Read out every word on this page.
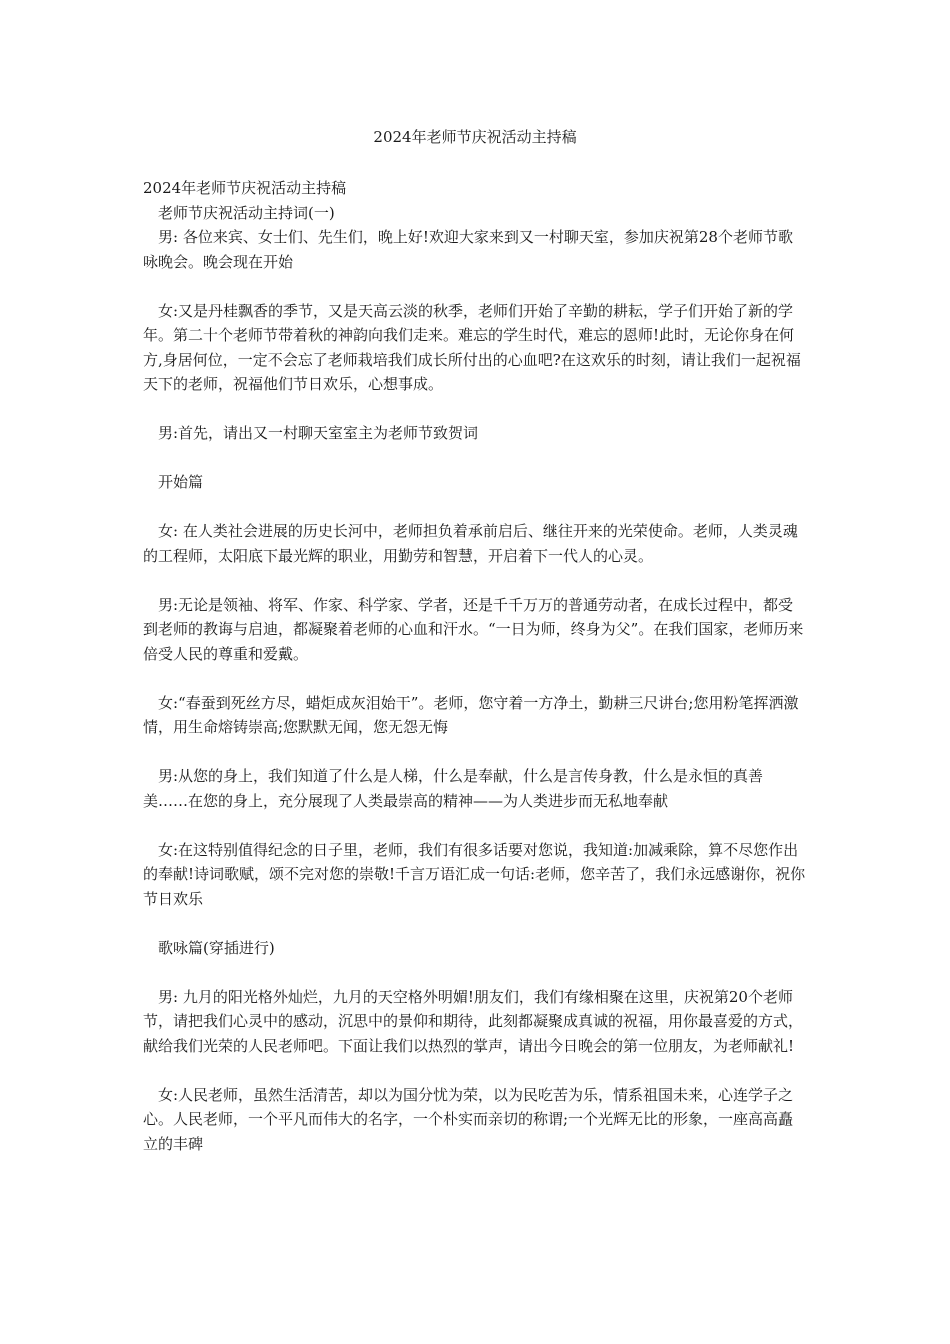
2024年老师节庆祝活动主持稿

2024年老师节庆祝活动主持稿

老师节庆祝活动主持词(一)

男: 各位来宾、女士们、先生们，晚上好!欢迎大家来到又一村聊天室，参加庆祝第28个老师节歌咏晚会。晚会现在开始

女:又是丹桂飘香的季节，又是天高云淡的秋季，老师们开始了辛勤的耕耘，学子们开始了新的学年。第二十个老师节带着秋的神韵向我们走来。难忘的学生时代，难忘的恩师!此时，无论你身在何方,身居何位，一定不会忘了老师栽培我们成长所付出的心血吧?在这欢乐的时刻，请让我们一起祝福天下的老师，祝福他们节日欢乐，心想事成。

男:首先，请出又一村聊天室室主为老师节致贺词

开始篇

女: 在人类社会进展的历史长河中，老师担负着承前启后、继往开来的光荣使命。老师，人类灵魂的工程师，太阳底下最光辉的职业，用勤劳和智慧，开启着下一代人的心灵。

男:无论是领袖、将军、作家、科学家、学者，还是千千万万的普通劳动者，在成长过程中，都受到老师的教诲与启迪，都凝聚着老师的心血和汗水。“一日为师，终身为父”。在我们国家，老师历来倍受人民的尊重和爱戴。

女:“春蚕到死丝方尽，蜡炬成灰泪始干”。老师，您守着一方净土，勤耕三尺讲台;您用粉笔挥洒激情，用生命熔铸崇高;您默默无闻，您无怨无悔

男:从您的身上，我们知道了什么是人梯，什么是奉献，什么是言传身教，什么是永恒的真善美……在您的身上，充分展现了人类最崇高的精神——为人类进步而无私地奉献

女:在这特别值得纪念的日子里，老师，我们有很多话要对您说，我知道:加减乘除，算不尽您作出的奉献!诗词歌赋，颂不完对您的崇敬!千言万语汇成一句话:老师，您辛苦了，我们永远感谢你，祝你节日欢乐

歌咏篇(穿插进行)

男: 九月的阳光格外灿烂，九月的天空格外明媚!朋友们，我们有缘相聚在这里，庆祝第20个老师节，请把我们心灵中的感动，沉思中的景仰和期待，此刻都凝聚成真诚的祝福，用你最喜爱的方式，献给我们光荣的人民老师吧。下面让我们以热烈的掌声，请出今日晚会的第一位朋友，为老师献礼!

女:人民老师，虽然生活清苦，却以为国分忧为荣，以为民吃苦为乐，情系祖国未来，心连学子之心。人民老师，一个平凡而伟大的名字，一个朴实而亲切的称谓;一个光辉无比的形象，一座高高矗立的丰碑
